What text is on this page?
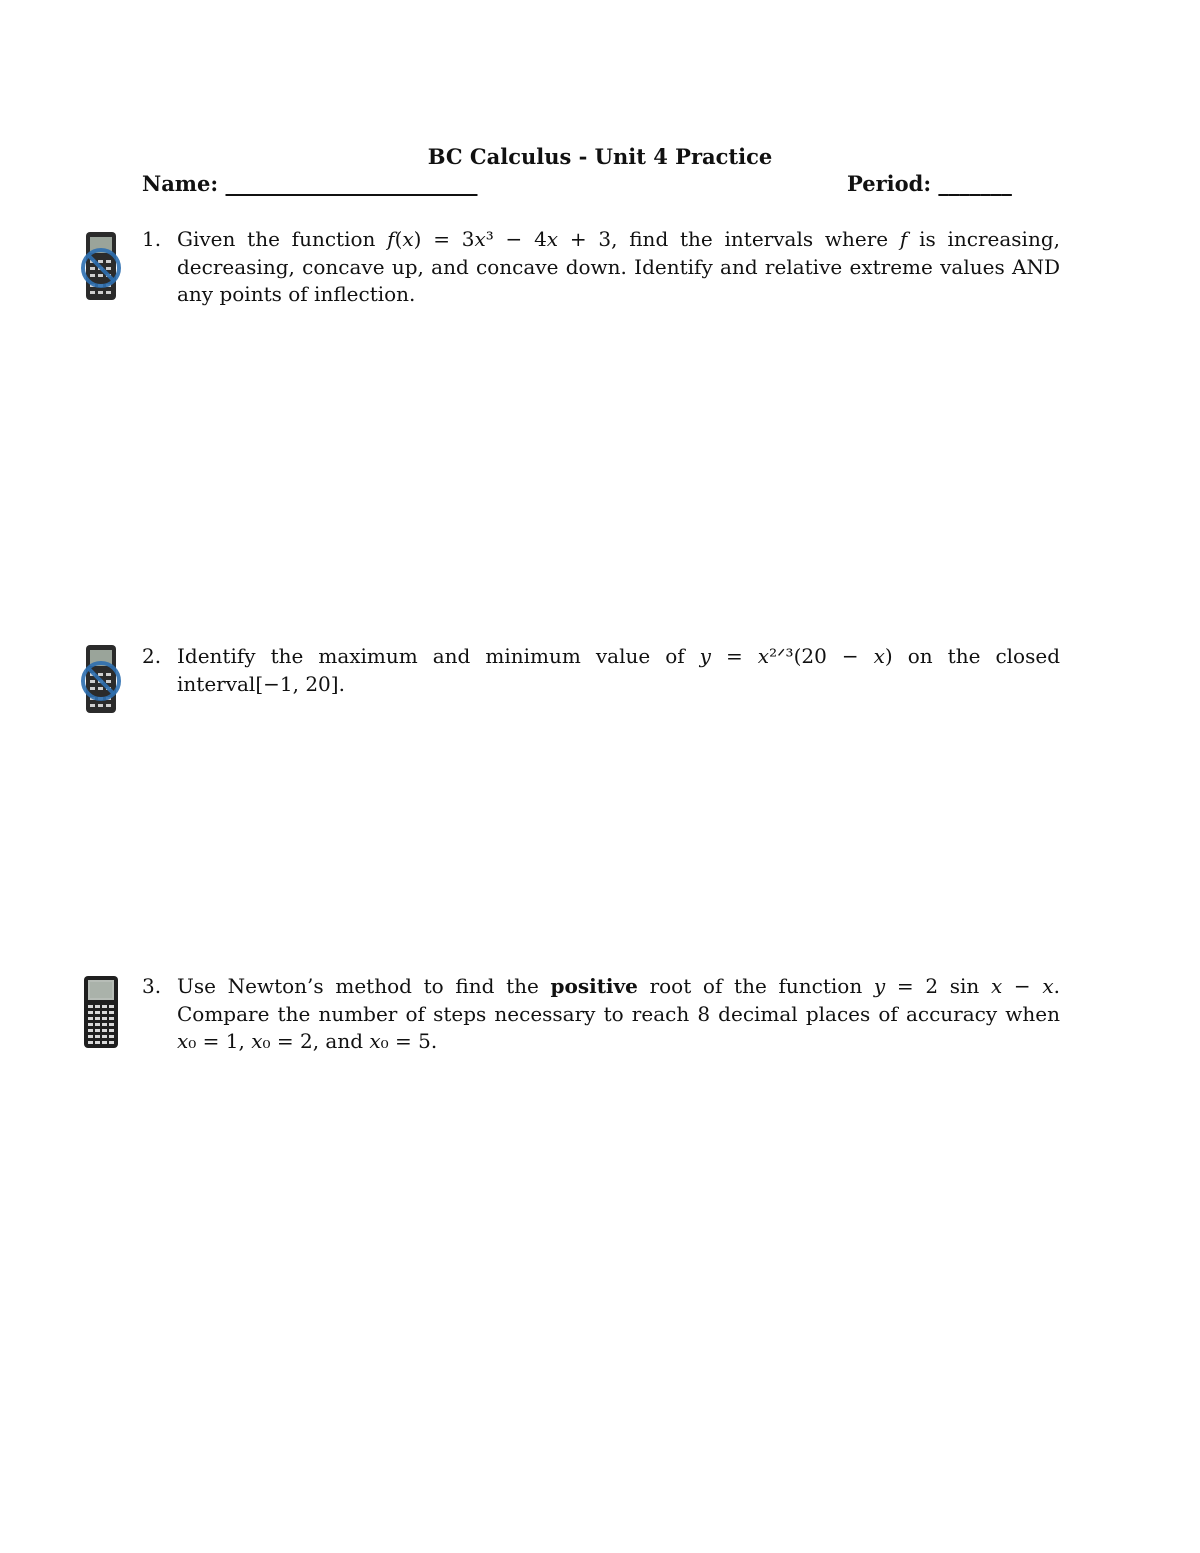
BC Calculus - Unit 4 Practice
Name: ________________________	Period: _______
1. Given the function 𝑓(𝑥) = 3𝑥³ − 4𝑥 + 3, find the intervals where 𝑓 is increasing, decreasing, concave up, and concave down. Identify and relative extreme values AND any points of inflection.
2. Identify the maximum and minimum value of 𝑦 = 𝑥²ᐟ³(20 − 𝑥) on the closed interval[−1, 20].
3. Use Newton’s method to find the positive root of the function 𝑦 = 2 sin 𝑥 − 𝑥. Compare the number of steps necessary to reach 8 decimal places of accuracy when 𝑥₀ = 1, 𝑥₀ = 2, and 𝑥₀ = 5.
